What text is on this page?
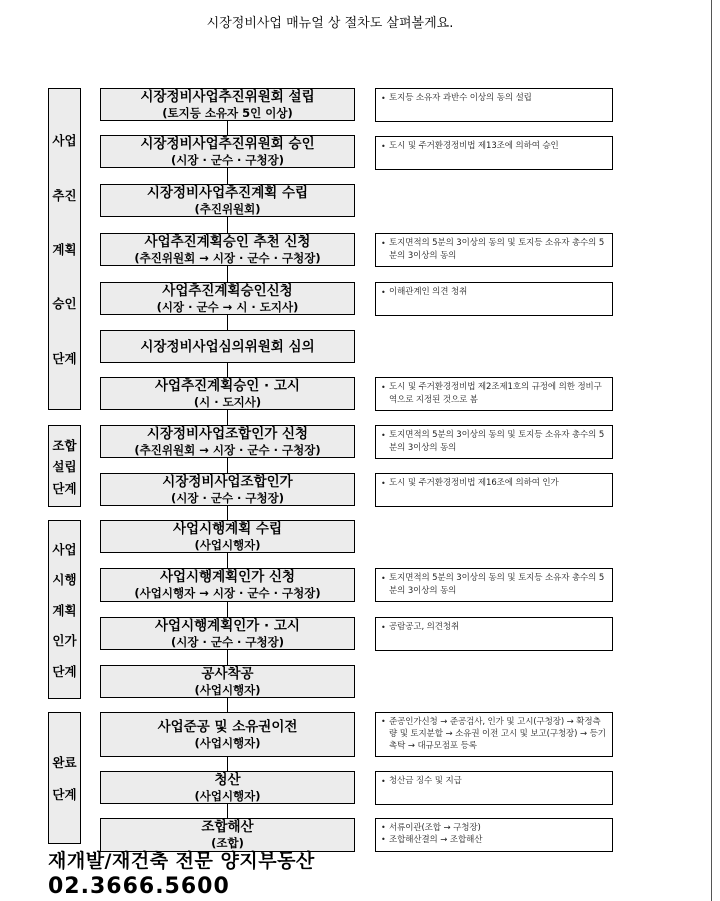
시장정비사업 매뉴얼 상 절차도 살펴볼게요.
사업
추진
계획
승인
단계
조합
설립
단계
사업
시행
계획
인가
단계
완료
단계
시장정비사업추진위원회 설립
(토지등 소유자 5인 이상)
시장정비사업추진위원회 승인
(시장 · 군수 · 구청장)
시장정비사업추진계획 수립
(추진위원회)
사업추진계획승인 추천 신청
(추진위원회 → 시장 · 군수 · 구청장)
사업추진계획승인신청
(시장 · 군수 → 시 · 도지사)
시장정비사업심의위원회 심의
사업추진계획승인 · 고시
(시 · 도지사)
시장정비사업조합인가 신청
(추진위원회 → 시장 · 군수 · 구청장)
시장정비사업조합인가
(시장 · 군수 · 구청장)
사업시행계획 수립
(사업시행자)
사업시행계획인가 신청
(사업시행자 → 시장 · 군수 · 구청장)
사업시행계획인가 · 고시
(시장 · 군수 · 구청장)
공사착공
(사업시행자)
사업준공 및 소유권이전
(사업시행자)
청산
(사업시행자)
조합해산
(조합)
• 토지등 소유자 과반수 이상의 동의 설립
• 도시 및 주거환경정비법 제13조에 의하여 승인
• 토지면적의 5분의 3이상의 동의 및 토지등 소유자 총수의 5분의 3이상의 동의
• 이해관계인 의견 청취
• 도시 및 주거환경정비법 제2조제1호의 규정에 의한 정비구역으로 지정된 것으로 봄
• 토지면적의 5분의 3이상의 동의 및 토지등 소유자 총수의 5분의 3이상의 동의
• 도시 및 주거환경정비법 제16조에 의하여 인가
• 토지면적의 5분의 3이상의 동의 및 토지등 소유자 총수의 5분의 3이상의 동의
• 공람공고, 의견청취
• 준공인가신청 → 준공검사, 인가 및 고시(구청장) → 확정측량 및 토지분할 → 소유권 이전 고시 및 보고(구청장) → 등기촉탁 → 대규모점포 등록
• 청산금 징수 및 지급
• 서류이관(조합 → 구청장)
• 조합해산결의 → 조합해산
재개발/재건축 전문 양지부동산
02.3666.5600
